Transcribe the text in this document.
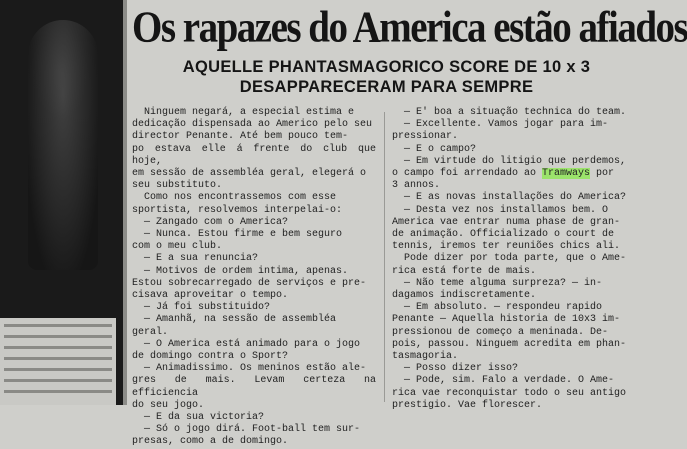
Os rapazes do America estão afiados
AQUELLE PHANTASMAGORICO SCORE DE 10 x 3
DESAPPARECERAM PARA SEMPRE

Ninguem negará, a especial estima e

dedicação dispensada ao Americo pelo seu

director Penante. Até bem pouco tem-

po estava elle á frente do club que hoje,

em sessão de assembléa geral, elegerá o

seu substituto.

Como nos encontrassemos com esse

sportista, resolvemos interpelai-o:

— Zangado com o America?

— Nunca. Estou firme e bem seguro

com o meu club.

— E a sua renuncia?

— Motivos de ordem intima, apenas.

Estou sobrecarregado de serviços e pre-

cisava aproveitar o tempo.

— Já foi substituido?

— Amanhã, na sessão de assembléa

geral.

— O America está animado para o jogo

de domingo contra o Sport?

— Animadissimo. Os meninos estão ale-

gres de mais. Levam certeza na efficiencia

do seu jogo.

— E da sua victoria?

— Só o jogo dirá. Foot-ball tem sur-

presas, como a de domingo.

— E' boa a situação technica do team.

— Excellente. Vamos jogar para im-

pressionar.

— E o campo?

— Em virtude do litigio que perdemos,

o campo foi arrendado ao Tramways por

3 annos.

— E as novas installações do America?

— Desta vez nos installamos bem. O

America vae entrar numa phase de gran-

de animação. Officializado o court de

tennis, iremos ter reuniões chics ali.

Pode dizer por toda parte, que o Ame-

rica está forte de mais.

— Não teme alguma surpreza? — in-

dagamos indiscretamente.

— Em absoluto. — respondeu rapido

Penante — Aquella historia de 10x3 im-

pressionou de começo a meninada. De-

pois, passou. Ninguem acredita em phan-

tasmagoria.

— Posso dizer isso?

— Pode, sim. Falo a verdade. O Ame-

rica vae reconquistar todo o seu antigo

prestigio. Vae florescer.
